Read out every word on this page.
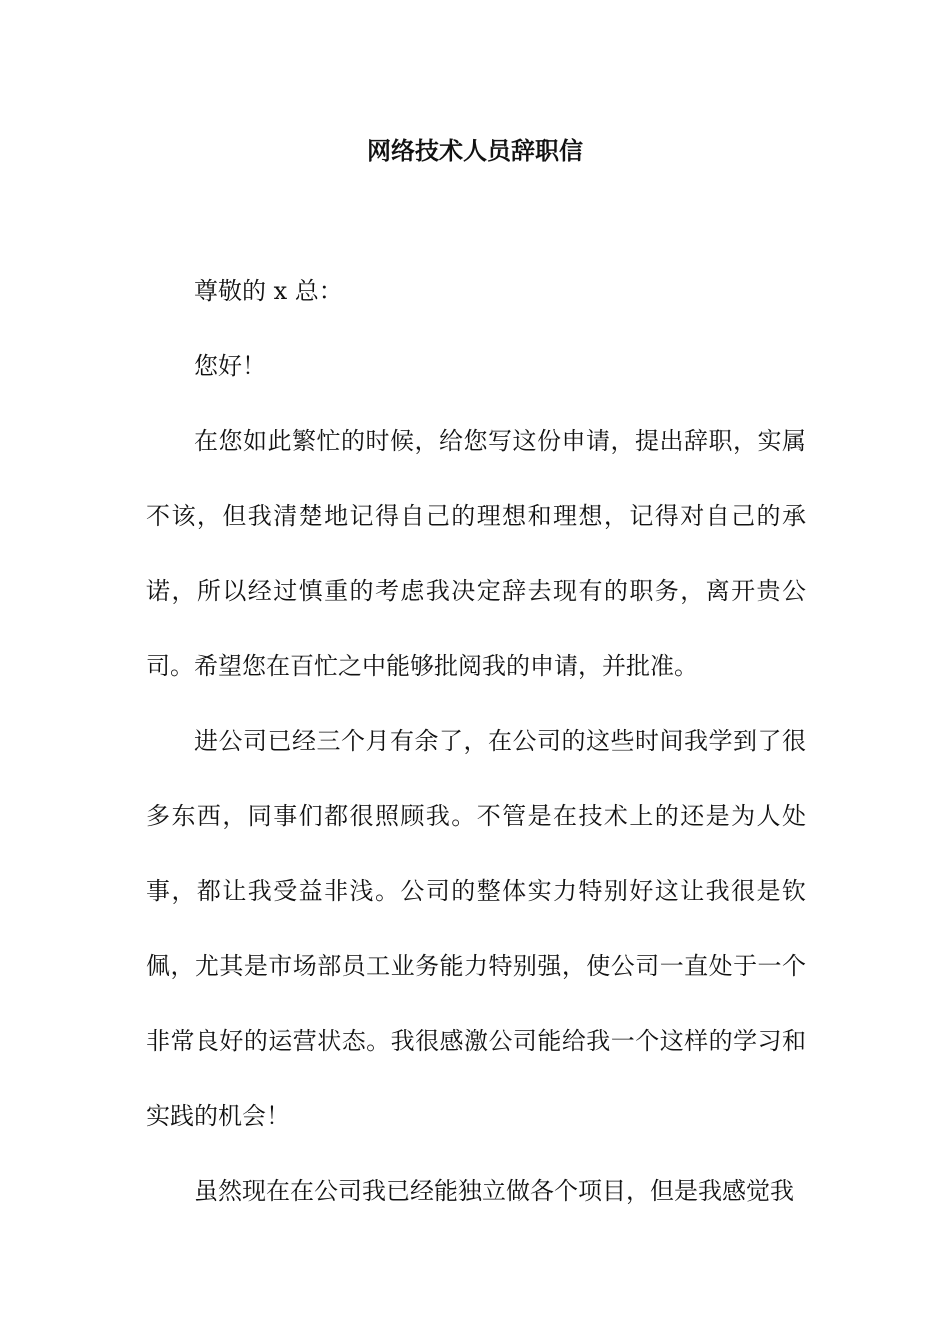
网络技术人员辞职信

尊敬的 x 总：

您好！

在您如此繁忙的时候，给您写这份申请，提出辞职，实属不该，但我清楚地记得自己的理想和理想，记得对自己的承诺，所以经过慎重的考虑我决定辞去现有的职务，离开贵公司。希望您在百忙之中能够批阅我的申请，并批准。

进公司已经三个月有余了，在公司的这些时间我学到了很多东西，同事们都很照顾我。不管是在技术上的还是为人处事，都让我受益非浅。公司的整体实力特别好这让我很是钦佩，尤其是市场部员工业务能力特别强，使公司一直处于一个非常良好的运营状态。我很感激公司能给我一个这样的学习和实践的机会！

虽然现在在公司我已经能独立做各个项目，但是我感觉我
